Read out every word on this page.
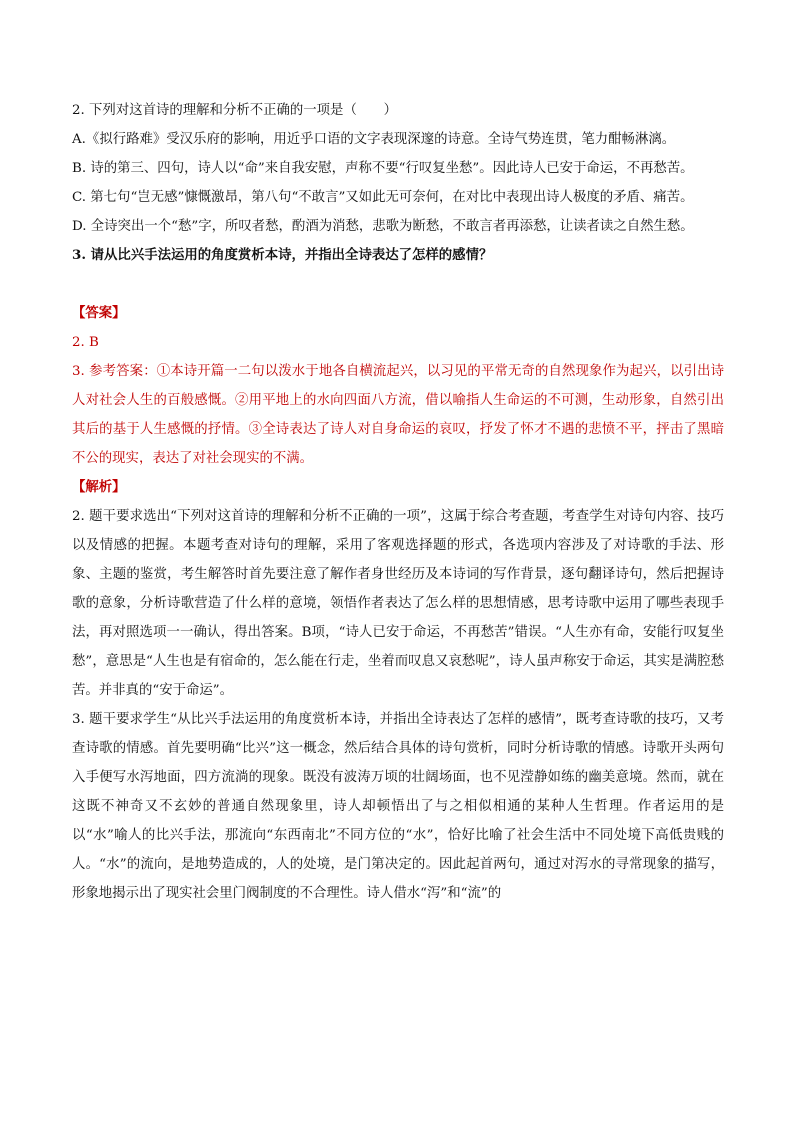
2. 下列对这首诗的理解和分析不正确的一项是（　　）
A.《拟行路难》受汉乐府的影响，用近乎口语的文字表现深邃的诗意。全诗气势连贯，笔力酣畅淋漓。
B. 诗的第三、四句，诗人以“命”来自我安慰，声称不要“行叹复坐愁”。因此诗人已安于命运，不再愁苦。
C. 第七句“岂无感”慷慨激昂，第八句“不敢言”又如此无可奈何，在对比中表现出诗人极度的矛盾、痛苦。
D. 全诗突出一个“愁”字，所叹者愁，酌酒为消愁，悲歌为断愁，不敢言者再添愁，让读者读之自然生愁。
3. 请从比兴手法运用的角度赏析本诗，并指出全诗表达了怎样的感情？
【答案】
2. B
3. 参考答案：①本诗开篇一二句以泼水于地各自横流起兴，以习见的平常无奇的自然现象作为起兴，以引出诗人对社会人生的百般感慨。②用平地上的水向四面八方流，借以喻指人生命运的不可测，生动形象，自然引出其后的基于人生感慨的抒情。③全诗表达了诗人对自身命运的哀叹，抒发了怀才不遇的悲愤不平，抨击了黑暗不公的现实，表达了对社会现实的不满。
【解析】
2. 题干要求选出“下列对这首诗的理解和分析不正确的一项”，这属于综合考查题，考查学生对诗句内容、技巧以及情感的把握。本题考查对诗句的理解，采用了客观选择题的形式，各选项内容涉及了对诗歌的手法、形象、主题的鉴赏，考生解答时首先要注意了解作者身世经历及本诗词的写作背景，逐句翻译诗句，然后把握诗歌的意象，分析诗歌营造了什么样的意境，领悟作者表达了怎么样的思想情感，思考诗歌中运用了哪些表现手法，再对照选项一一确认，得出答案。B项，“诗人已安于命运，不再愁苦”错误。“人生亦有命，安能行叹复坐愁”，意思是“人生也是有宿命的，怎么能在行走，坐着而叹息又哀愁呢”，诗人虽声称安于命运，其实是满腔愁苦。并非真的“安于命运”。
3. 题干要求学生“从比兴手法运用的角度赏析本诗，并指出全诗表达了怎样的感情”，既考查诗歌的技巧，又考查诗歌的情感。首先要明确“比兴”这一概念，然后结合具体的诗句赏析，同时分析诗歌的情感。诗歌开头两句入手便写水泻地面，四方流淌的现象。既没有波涛万顷的壮阔场面，也不见滢静如练的幽美意境。然而，就在这既不神奇又不玄妙的普通自然现象里，诗人却顿悟出了与之相似相通的某种人生哲理。作者运用的是以“水”喻人的比兴手法，那流向“东西南北”不同方位的“水”，恰好比喻了社会生活中不同处境下高低贵贱的人。“水”的流向，是地势造成的，人的处境，是门第决定的。因此起首两句，通过对泻水的寻常现象的描写，形象地揭示出了现实社会里门阀制度的不合理性。诗人借水“泻”和“流”的
